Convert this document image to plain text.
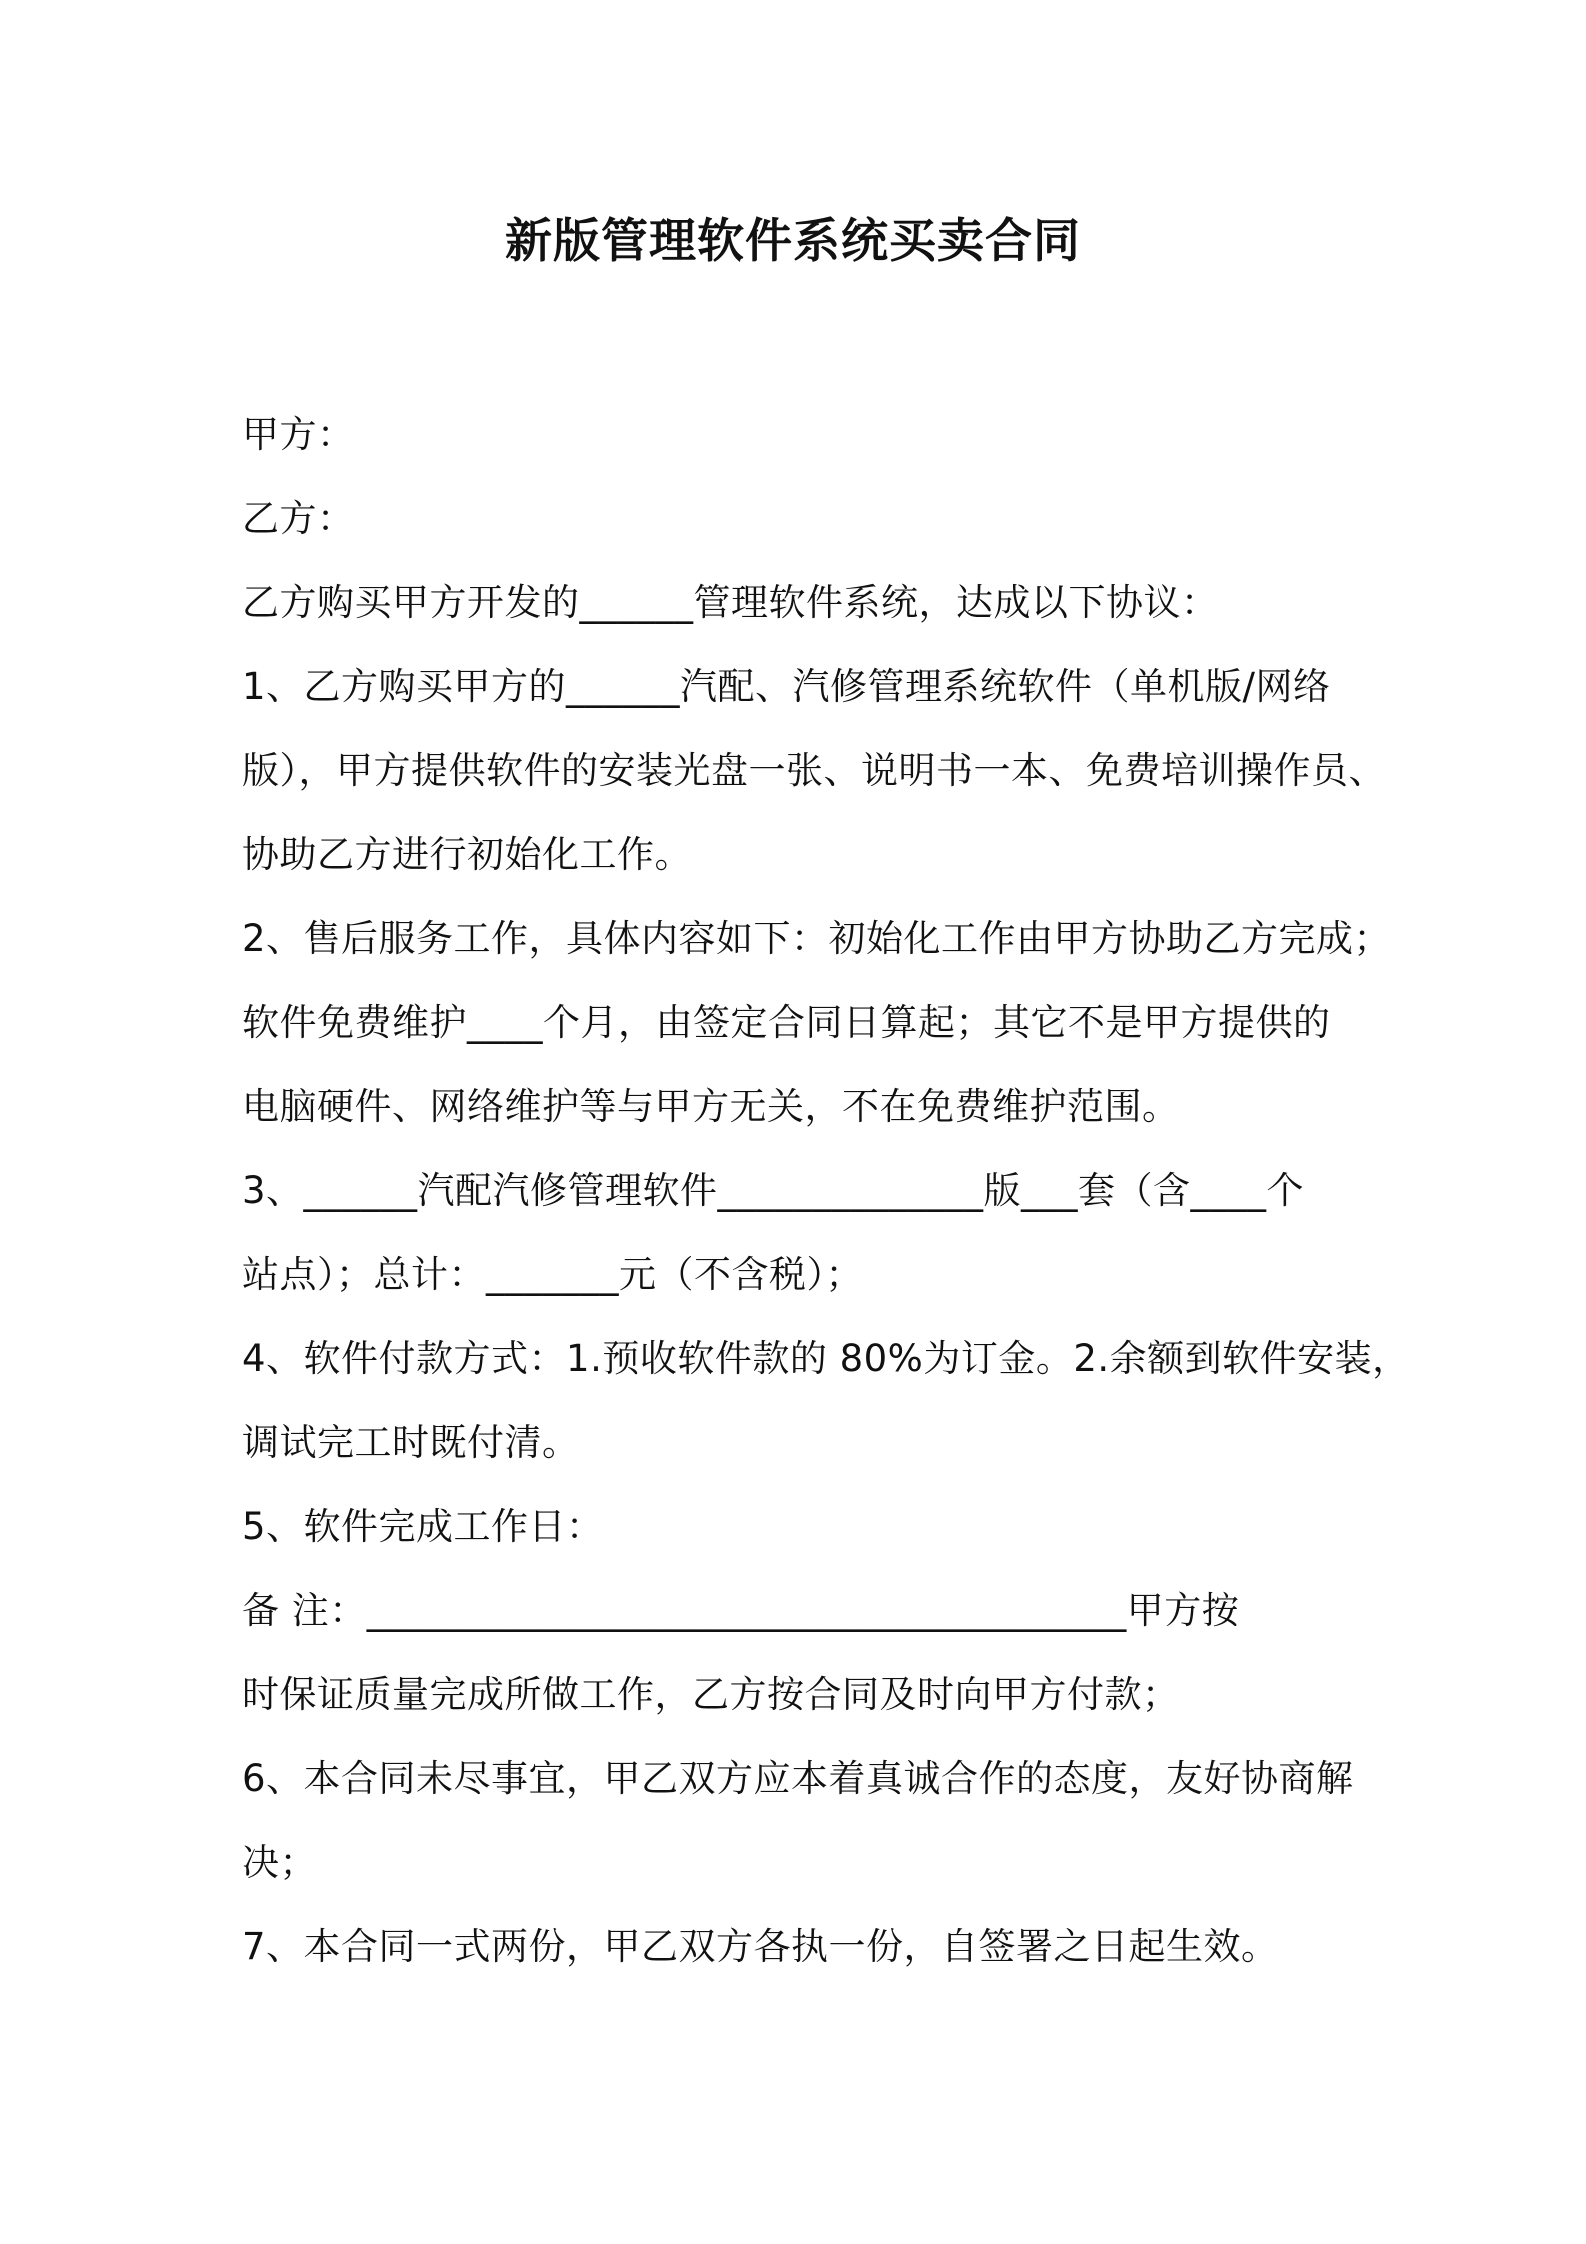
新版管理软件系统买卖合同
甲方：
乙方：
乙方购买甲方开发的______管理软件系统，达成以下协议：
1、乙方购买甲方的______汽配、汽修管理系统软件（单机版/网络
版），甲方提供软件的安装光盘一张、说明书一本、免费培训操作员、
协助乙方进行初始化工作。
2、售后服务工作，具体内容如下：初始化工作由甲方协助乙方完成；
软件免费维护____个月，由签定合同日算起；其它不是甲方提供的
电脑硬件、网络维护等与甲方无关，不在免费维护范围。
3、______汽配汽修管理软件______________版___套（含____个
站点）；总计：_______元（不含税）；
4、软件付款方式：1.预收软件款的 80%为订金。2.余额到软件安装，
调试完工时既付清。
5、软件完成工作日：
备 注：________________________________________甲方按
时保证质量完成所做工作，乙方按合同及时向甲方付款；
6、本合同未尽事宜，甲乙双方应本着真诚合作的态度，友好协商解
决；
7、本合同一式两份，甲乙双方各执一份，自签署之日起生效。
